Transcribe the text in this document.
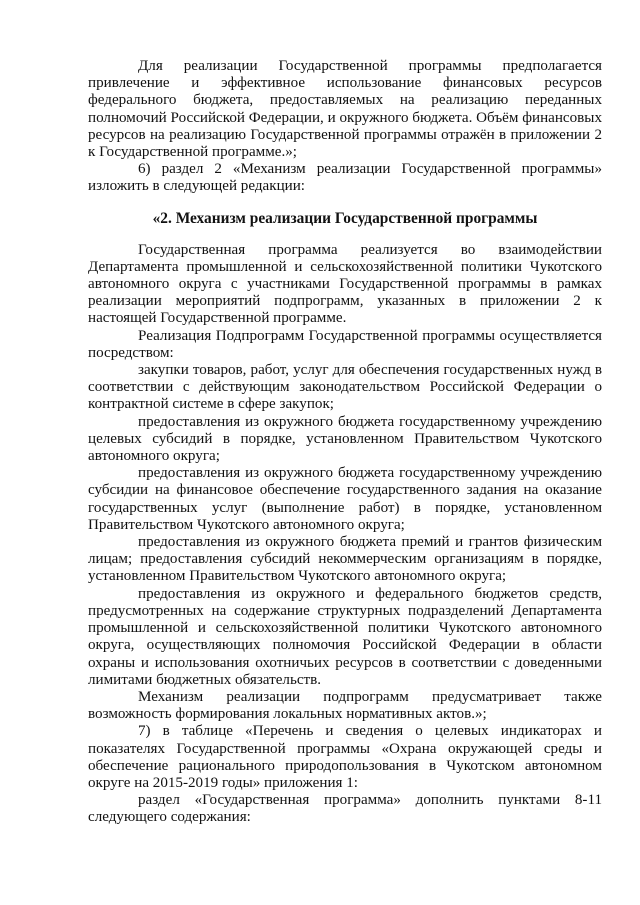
Для реализации Государственной программы предполагается привлечение и эффективное использование финансовых ресурсов федерального бюджета, предоставляемых на реализацию переданных полномочий Российской Федерации, и окружного бюджета. Объём финансовых ресурсов на реализацию Государственной программы отражён в приложении 2 к Государственной программе.»;

6) раздел 2 «Механизм реализации Государственной программы» изложить в следующей редакции:

«2. Механизм реализации Государственной программы

Государственная программа реализуется во взаимодействии Департамента промышленной и сельскохозяйственной политики Чукотского автономного округа с участниками Государственной программы в рамках реализации мероприятий подпрограмм, указанных в приложении 2 к настоящей Государственной программе.

Реализация Подпрограмм Государственной программы осуществляется посредством:

закупки товаров, работ, услуг для обеспечения государственных нужд в соответствии с действующим законодательством Российской Федерации о контрактной системе в сфере закупок;

предоставления из окружного бюджета государственному учреждению целевых субсидий в порядке, установленном Правительством Чукотского автономного округа;

предоставления из окружного бюджета государственному учреждению субсидии на финансовое обеспечение государственного задания на оказание государственных услуг (выполнение работ) в порядке, установленном Правительством Чукотского автономного округа;

предоставления из окружного бюджета премий и грантов физическим лицам; предоставления субсидий некоммерческим организациям в порядке, установленном Правительством Чукотского автономного округа;

предоставления из окружного и федерального бюджетов средств, предусмотренных на содержание структурных подразделений Департамента промышленной и сельскохозяйственной политики Чукотского автономного округа, осуществляющих полномочия Российской Федерации в области охраны и использования охотничьих ресурсов в соответствии с доведенными лимитами бюджетных обязательств.

Механизм реализации подпрограмм предусматривает также возможность формирования локальных нормативных актов.»;

7) в таблице «Перечень и сведения о целевых индикаторах и показателях Государственной программы «Охрана окружающей среды и обеспечение рационального природопользования в Чукотском автономном округе на 2015-2019 годы» приложения 1:

раздел «Государственная программа» дополнить пунктами 8-11 следующего содержания:
